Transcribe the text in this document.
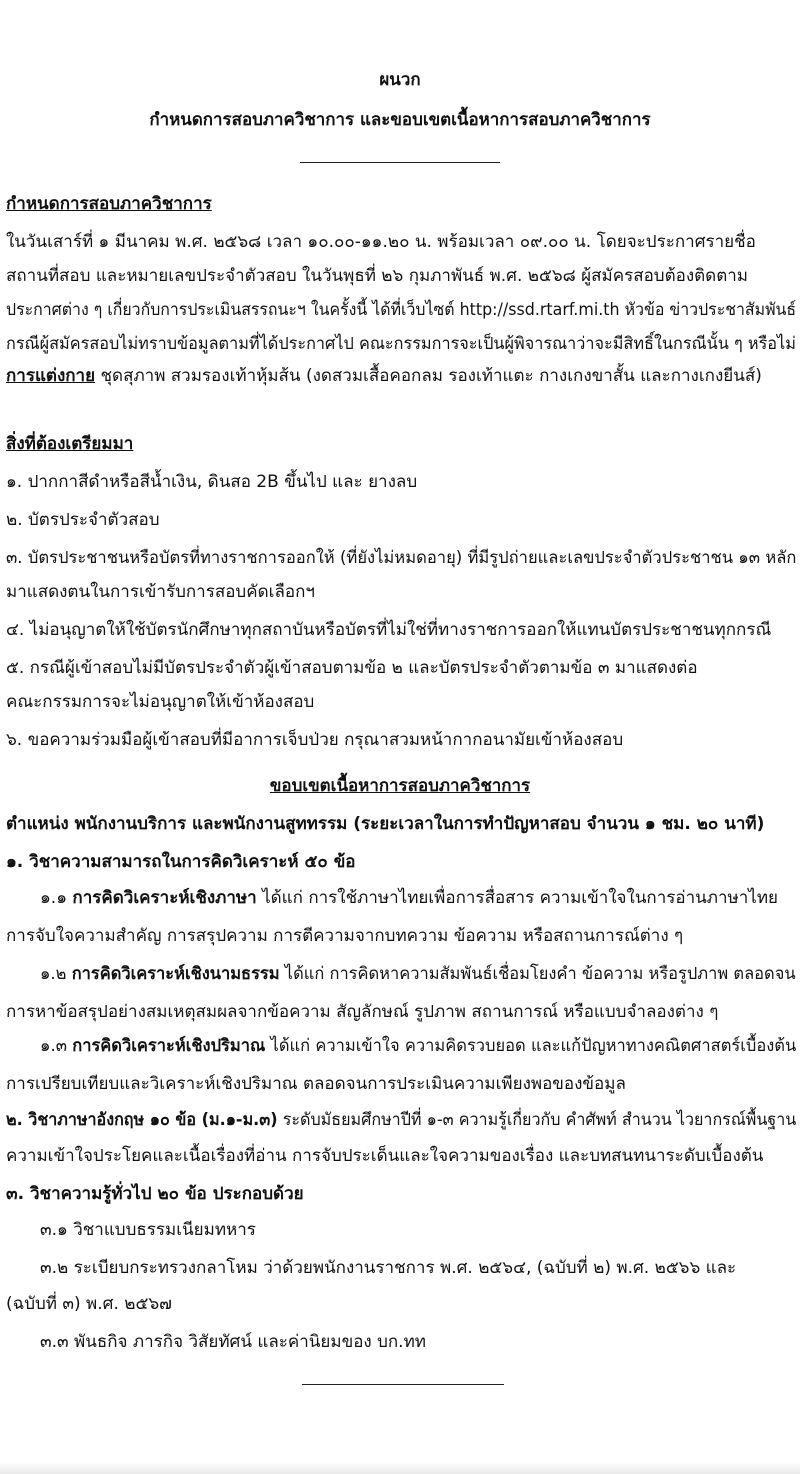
ผนวก
กำหนดการสอบภาควิชาการ และขอบเขตเนื้อหาการสอบภาควิชาการ
กำหนดการสอบภาควิชาการ
ในวันเสาร์ที่ ๑ มีนาคม พ.ศ. ๒๕๖๘ เวลา ๑๐.๐๐-๑๑.๒๐ น. พร้อมเวลา ๐๙.๐๐ น. โดยจะประกาศรายชื่อ
สถานที่สอบ และหมายเลขประจำตัวสอบ ในวันพุธที่ ๒๖ กุมภาพันธ์ พ.ศ. ๒๕๖๘ ผู้สมัครสอบต้องติดตาม
ประกาศต่าง ๆ เกี่ยวกับการประเมินสรรถนะฯ ในครั้งนี้ ได้ที่เว็บไซต์ http://ssd.rtarf.mi.th หัวข้อ ข่าวประชาสัมพันธ์
กรณีผู้สมัครสอบไม่ทราบข้อมูลตามที่ได้ประกาศไป คณะกรรมการจะเป็นผู้พิจารณาว่าจะมีสิทธิ์ในกรณีนั้น ๆ หรือไม่
การแต่งกาย ชุดสุภาพ สวมรองเท้าหุ้มส้น (งดสวมเสื้อคอกลม รองเท้าแตะ กางเกงขาสั้น และกางเกงยีนส์)
สิ่งที่ต้องเตรียมมา
๑. ปากกาสีดำหรือสีน้ำเงิน, ดินสอ 2B ขึ้นไป และ ยางลบ
๒. บัตรประจำตัวสอบ
๓. บัตรประชาชนหรือบัตรที่ทางราชการออกให้ (ที่ยังไม่หมดอายุ) ที่มีรูปถ่ายและเลขประจำตัวประชาชน ๑๓ หลัก
มาแสดงตนในการเข้ารับการสอบคัดเลือกฯ
๔. ไม่อนุญาตให้ใช้บัตรนักศึกษาทุกสถาบันหรือบัตรที่ไม่ใช่ที่ทางราชการออกให้แทนบัตรประชาชนทุกกรณี
๕. กรณีผู้เข้าสอบไม่มีบัตรประจำตัวผู้เข้าสอบตามข้อ ๒ และบัตรประจำตัวตามข้อ ๓ มาแสดงต่อ
คณะกรรมการจะไม่อนุญาตให้เข้าห้องสอบ
๖. ขอความร่วมมือผู้เข้าสอบที่มีอาการเจ็บป่วย กรุณาสวมหน้ากากอนามัยเข้าห้องสอบ
ขอบเขตเนื้อหาการสอบภาควิชาการ
ตำแหน่ง พนักงานบริการ และพนักงานสูททรรม (ระยะเวลาในการทำปัญหาสอบ จำนวน ๑ ชม. ๒๐ นาที)
๑. วิชาความสามารถในการคิดวิเคราะห์ ๕๐ ข้อ
๑.๑ การคิดวิเคราะห์เชิงภาษา ได้แก่ การใช้ภาษาไทยเพื่อการสื่อสาร ความเข้าใจในการอ่านภาษาไทย
การจับใจความสำคัญ การสรุปความ การตีความจากบทความ ข้อความ หรือสถานการณ์ต่าง ๆ
๑.๒ การคิดวิเคราะห์เชิงนามธรรม ได้แก่ การคิดหาความสัมพันธ์เชื่อมโยงคำ ข้อความ หรือรูปภาพ ตลอดจน
การหาข้อสรุปอย่างสมเหตุสมผลจากข้อความ สัญลักษณ์ รูปภาพ สถานการณ์ หรือแบบจำลองต่าง ๆ
๑.๓ การคิดวิเคราะห์เชิงปริมาณ ได้แก่ ความเข้าใจ ความคิดรวบยอด และแก้ปัญหาทางคณิตศาสตร์เบื้องต้น
การเปรียบเทียบและวิเคราะห์เชิงปริมาณ ตลอดจนการประเมินความเพียงพอของข้อมูล
๒. วิชาภาษาอังกฤษ ๑๐ ข้อ (ม.๑-ม.๓) ระดับมัธยมศึกษาปีที่ ๑-๓ ความรู้เกี่ยวกับ คำศัพท์ สำนวน ไวยากรณ์พื้นฐาน
ความเข้าใจประโยคและเนื้อเรื่องที่อ่าน การจับประเด็นและใจความของเรื่อง และบทสนทนาระดับเบื้องต้น
๓. วิชาความรู้ทั่วไป ๒๐ ข้อ ประกอบด้วย
๓.๑ วิชาแบบธรรมเนียมทหาร
๓.๒ ระเบียบกระทรวงกลาโหม ว่าด้วยพนักงานราชการ พ.ศ. ๒๕๖๔, (ฉบับที่ ๒) พ.ศ. ๒๕๖๖ และ
(ฉบับที่ ๓) พ.ศ. ๒๕๖๗
๓.๓ พันธกิจ ภารกิจ วิสัยทัศน์ และค่านิยมของ บก.ทท
